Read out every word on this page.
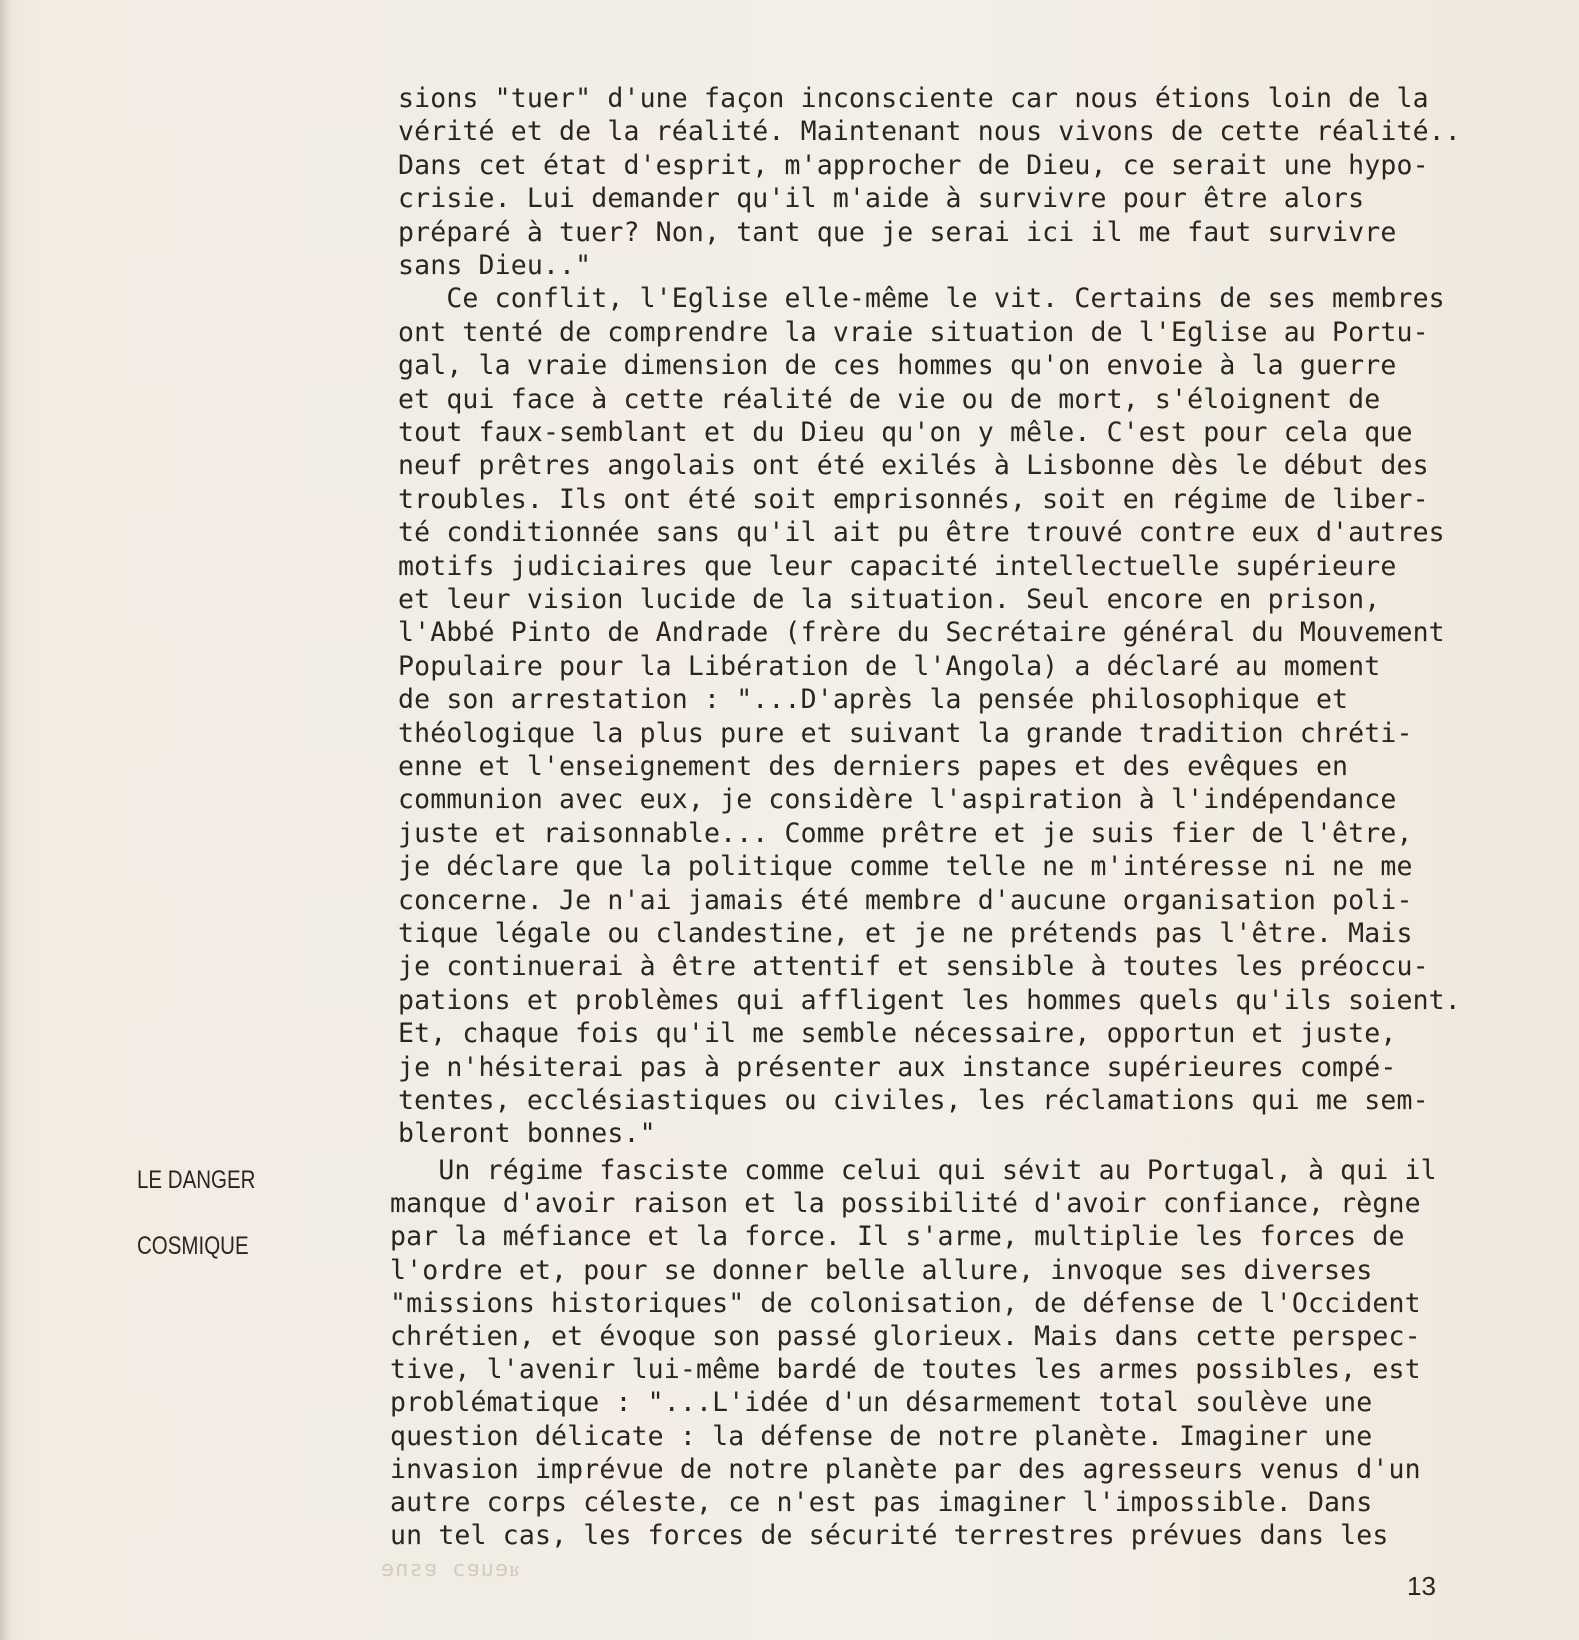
sions "tuer" d'une façon inconsciente car nous étions loin de la
vérité et de la réalité. Maintenant nous vivons de cette réalité..
Dans cet état d'esprit, m'approcher de Dieu, ce serait une hypo-
crisie. Lui demander qu'il m'aide à survivre pour être alors
préparé à tuer? Non, tant que je serai ici il me faut survivre
sans Dieu.."
Ce conflit, l'Eglise elle-même le vit. Certains de ses membres
ont tenté de comprendre la vraie situation de l'Eglise au Portu-
gal, la vraie dimension de ces hommes qu'on envoie à la guerre
et qui face à cette réalité de vie ou de mort, s'éloignent de
tout faux-semblant et du Dieu qu'on y mêle. C'est pour cela que
neuf prêtres angolais ont été exilés à Lisbonne dès le début des
troubles. Ils ont été soit emprisonnés, soit en régime de liber-
té conditionnée sans qu'il ait pu être trouvé contre eux d'autres
motifs judiciaires que leur capacité intellectuelle supérieure
et leur vision lucide de la situation. Seul encore en prison,
l'Abbé Pinto de Andrade (frère du Secrétaire général du Mouvement
Populaire pour la Libération de l'Angola) a déclaré au moment
de son arrestation : "...D'après la pensée philosophique et
théologique la plus pure et suivant la grande tradition chréti-
enne et l'enseignement des derniers papes et des evêques en
communion avec eux, je considère l'aspiration à l'indépendance
juste et raisonnable... Comme prêtre et je suis fier de l'être,
je déclare que la politique comme telle ne m'intéresse ni ne me
concerne. Je n'ai jamais été membre d'aucune organisation poli-
tique légale ou clandestine, et je ne prétends pas l'être. Mais
je continuerai à être attentif et sensible à toutes les préoccu-
pations et problèmes qui affligent les hommes quels qu'ils soient.
Et, chaque fois qu'il me semble nécessaire, opportun et juste,
je n'hésiterai pas à présenter aux instance supérieures compé-
tentes, ecclésiastiques ou civiles, les réclamations qui me sem-
bleront bonnes."
LE DANGER
COSMIQUE
Un régime fasciste comme celui qui sévit au Portugal, à qui il
manque d'avoir raison et la possibilité d'avoir confiance, règne
par la méfiance et la force. Il s'arme, multiplie les forces de
l'ordre et, pour se donner belle allure, invoque ses diverses
"missions historiques" de colonisation, de défense de l'Occident
chrétien, et évoque son passé glorieux. Mais dans cette perspec-
tive, l'avenir lui-même bardé de toutes les armes possibles, est
problématique : "...L'idée d'un désarmement total soulève une
question délicate : la défense de notre planète. Imaginer une
invasion imprévue de notre planète par des agresseurs venus d'un
autre corps céleste, ce n'est pas imaginer l'impossible. Dans
un tel cas, les forces de sécurité terrestres prévues dans les
ᴚeuɐɔ ɐsne
13
